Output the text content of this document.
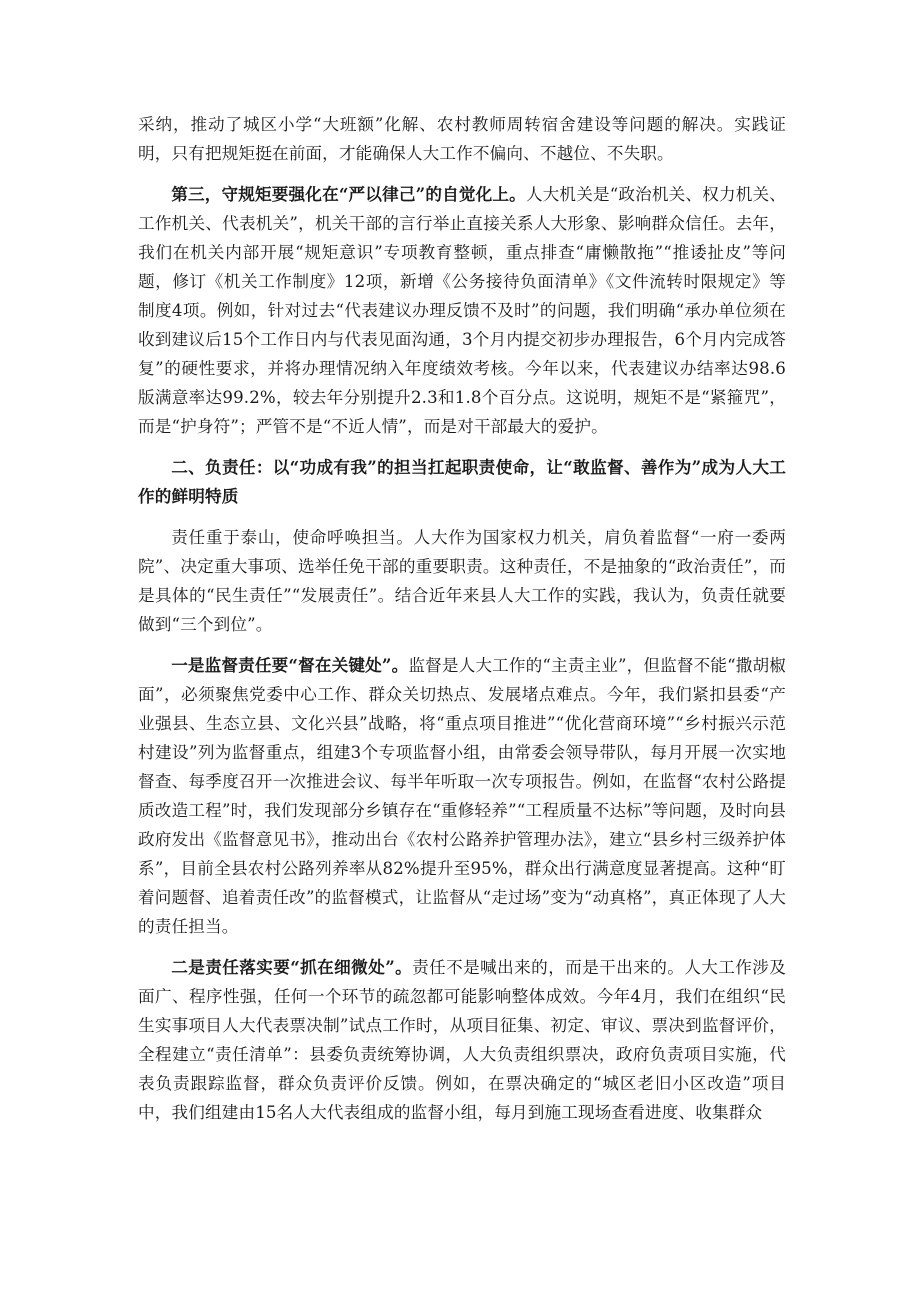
采纳，推动了城区小学“大班额”化解、农村教师周转宿舍建设等问题的解决。实践证明，只有把规矩挺在前面，才能确保人大工作不偏向、不越位、不失职。

第三，守规矩要强化在“严以律己”的自觉化上。人大机关是“政治机关、权力机关、工作机关、代表机关”，机关干部的言行举止直接关系人大形象、影响群众信任。去年，我们在机关内部开展“规矩意识”专项教育整顿，重点排查“庸懒散拖”“推诿扯皮”等问题，修订《机关工作制度》12项，新增《公务接待负面清单》《文件流转时限规定》等制度4项。例如，针对过去“代表建议办理反馈不及时”的问题，我们明确“承办单位须在收到建议后15个工作日内与代表见面沟通，3个月内提交初步办理报告，6个月内完成答复”的硬性要求，并将办理情况纳入年度绩效考核。今年以来，代表建议办结率达98.6版满意率达99.2%，较去年分别提升2.3和1.8个百分点。这说明，规矩不是“紧箍咒”，而是“护身符”；严管不是“不近人情”，而是对干部最大的爱护。

二、负责任：以“功成有我”的担当扛起职责使命，让“敢监督、善作为”成为人大工作的鲜明特质

责任重于泰山，使命呼唤担当。人大作为国家权力机关，肩负着监督“一府一委两院”、决定重大事项、选举任免干部的重要职责。这种责任，不是抽象的“政治责任”，而是具体的“民生责任”“发展责任”。结合近年来县人大工作的实践，我认为，负责任就要做到“三个到位”。

一是监督责任要“督在关键处”。监督是人大工作的“主责主业”，但监督不能“撒胡椒面”，必须聚焦党委中心工作、群众关切热点、发展堵点难点。今年，我们紧扣县委“产业强县、生态立县、文化兴县”战略，将“重点项目推进”“优化营商环境”“乡村振兴示范村建设”列为监督重点，组建3个专项监督小组，由常委会领导带队，每月开展一次实地督查、每季度召开一次推进会议、每半年听取一次专项报告。例如，在监督“农村公路提质改造工程”时，我们发现部分乡镇存在“重修轻养”“工程质量不达标”等问题，及时向县政府发出《监督意见书》，推动出台《农村公路养护管理办法》，建立“县乡村三级养护体系”，目前全县农村公路列养率从82%提升至95%，群众出行满意度显著提高。这种“盯着问题督、追着责任改”的监督模式，让监督从“走过场”变为“动真格”，真正体现了人大的责任担当。

二是责任落实要“抓在细微处”。责任不是喊出来的，而是干出来的。人大工作涉及面广、程序性强，任何一个环节的疏忽都可能影响整体成效。今年4月，我们在组织“民生实事项目人大代表票决制”试点工作时，从项目征集、初定、审议、票决到监督评价，全程建立“责任清单”：县委负责统筹协调，人大负责组织票决，政府负责项目实施，代表负责跟踪监督，群众负责评价反馈。例如，在票决确定的“城区老旧小区改造”项目中，我们组建由15名人大代表组成的监督小组，每月到施工现场查看进度、收集群众
